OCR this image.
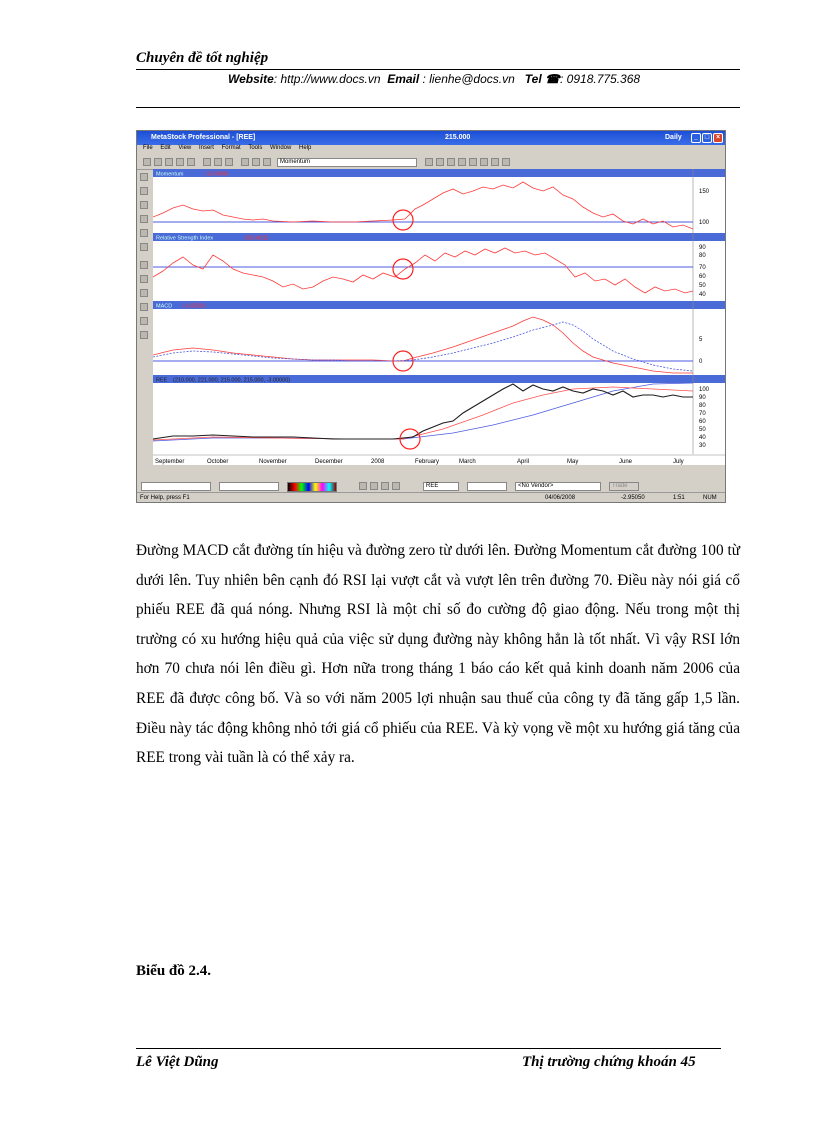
Chuyên đề tốt nghiệp
Website: http://www.docs.vn Email : lienhe@docs.vn Tel ☎: 0918.775.368
MetaStock Professional - [REE]	215.000	Daily	_ □ ×
File Edit View Insert Format Tools Window Help
Momentum
Momentum	(13.0986)
Relative Strength Index	(80.3422)
MACD (-0.0500)
REE (210.000, 221.000, 215.000, 215.000, -3.00000)
150
100
90
80
70
60
50
40
5
0
100
90
80
70
60
50
40
30
September	October	November	December	2008	February	March	April	May	June	July
REE	<No Vendor>	Trade
For Help, press F1	04/06/2008	-2.95050	1:51	NUM

Đường MACD cắt đường tín hiệu và đường zero từ dưới lên. Đường Momentum cắt đường 100 từ dưới lên. Tuy nhiên bên cạnh đó RSI lại vượt cắt và vượt lên trên đường 70. Điều này nói giá cổ phiếu REE đã quá nóng. Nhưng RSI là một chỉ số đo cường độ giao động. Nếu trong một thị trường có xu hướng hiệu quả của việc sử dụng đường này không hẳn là tốt nhất. Vì vậy RSI lớn hơn 70 chưa nói lên điều gì. Hơn nữa trong tháng 1 báo cáo kết quả kinh doanh năm 2006 của REE đã được công bố. Và so với năm 2005 lợi nhuận sau thuế của công ty đã tăng gấp 1,5 lần. Điều này tác động không nhỏ tới giá cổ phiếu của REE. Và kỳ vọng về một xu hướng giá tăng của REE trong vài tuần là có thể xảy ra.

Biểu đồ 2.4.
Lê Việt Dũng	Thị trường chứng khoán 45
